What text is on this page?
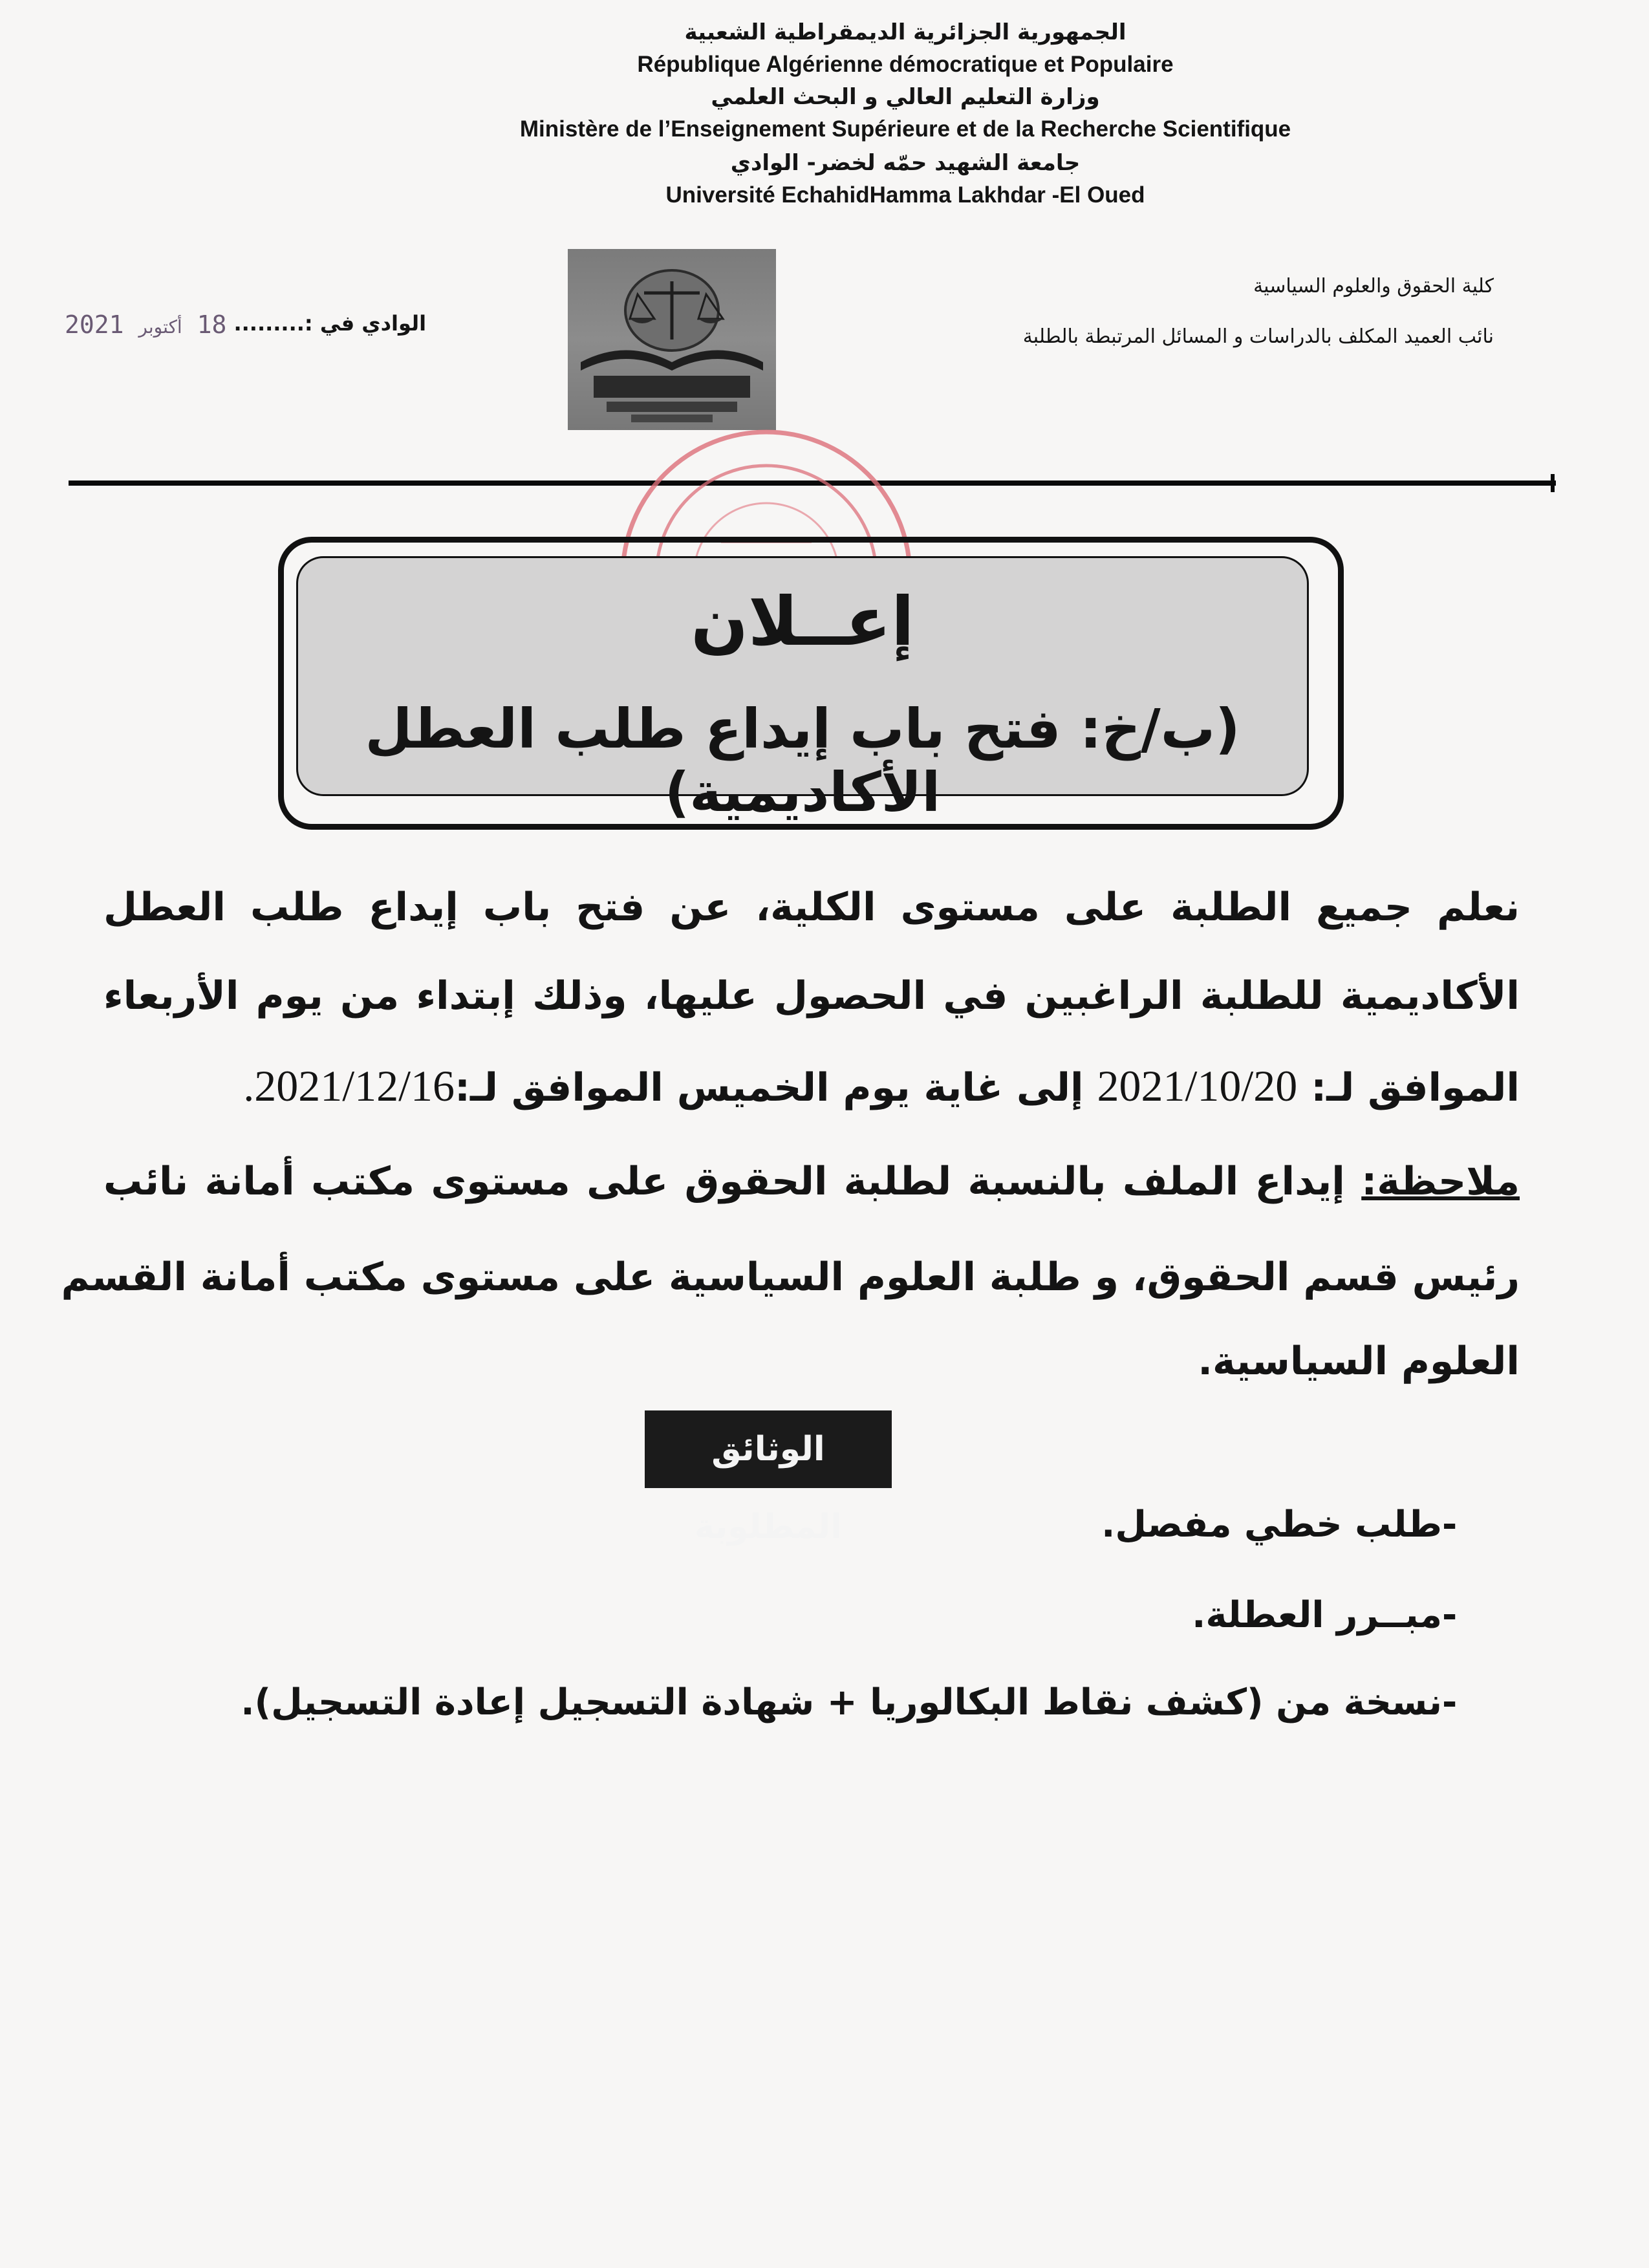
الجمهورية الجزائرية الديمقراطية الشعبية
République Algérienne démocratique et Populaire
وزارة التعليم العالي و البحث العلمي
Ministère de l’Enseignement Supérieure et de la Recherche Scientifique
جامعة الشهيد حمّه لخضر- الوادي
Université EchahidHamma Lakhdar -El Oued
كلية الحقوق والعلوم السياسية
نائب العميد المكلف بالدراسات و المسائل المرتبطة بالطلبة
الوادي في :......... 18 أكتوبر 2021
إعــلان
(ب/خ: فتح باب إيداع طلب العطل الأكاديمية)
نعلم جميع الطلبة على مستوى الكلية، عن فتح باب إيداع طلب العطل
الأكاديمية للطلبة الراغبين في الحصول عليها، وذلك إبتداء من يوم الأربعاء
الموافق لـ: 2021/10/20 إلى غاية يوم الخميس الموافق لـ:2021/12/16.
ملاحظة: إيداع الملف بالنسبة لطلبة الحقوق على مستوى مكتب أمانة نائب
رئيس قسم الحقوق، و طلبة العلوم السياسية على مستوى مكتب أمانة القسم
العلوم السياسية.
الوثائق المطلوبة	-طلب خطي مفصل.
-مبــرر العطلة.
-نسخة من (كشف نقاط البكالوريا + شهادة التسجيل إعادة التسجيل).
